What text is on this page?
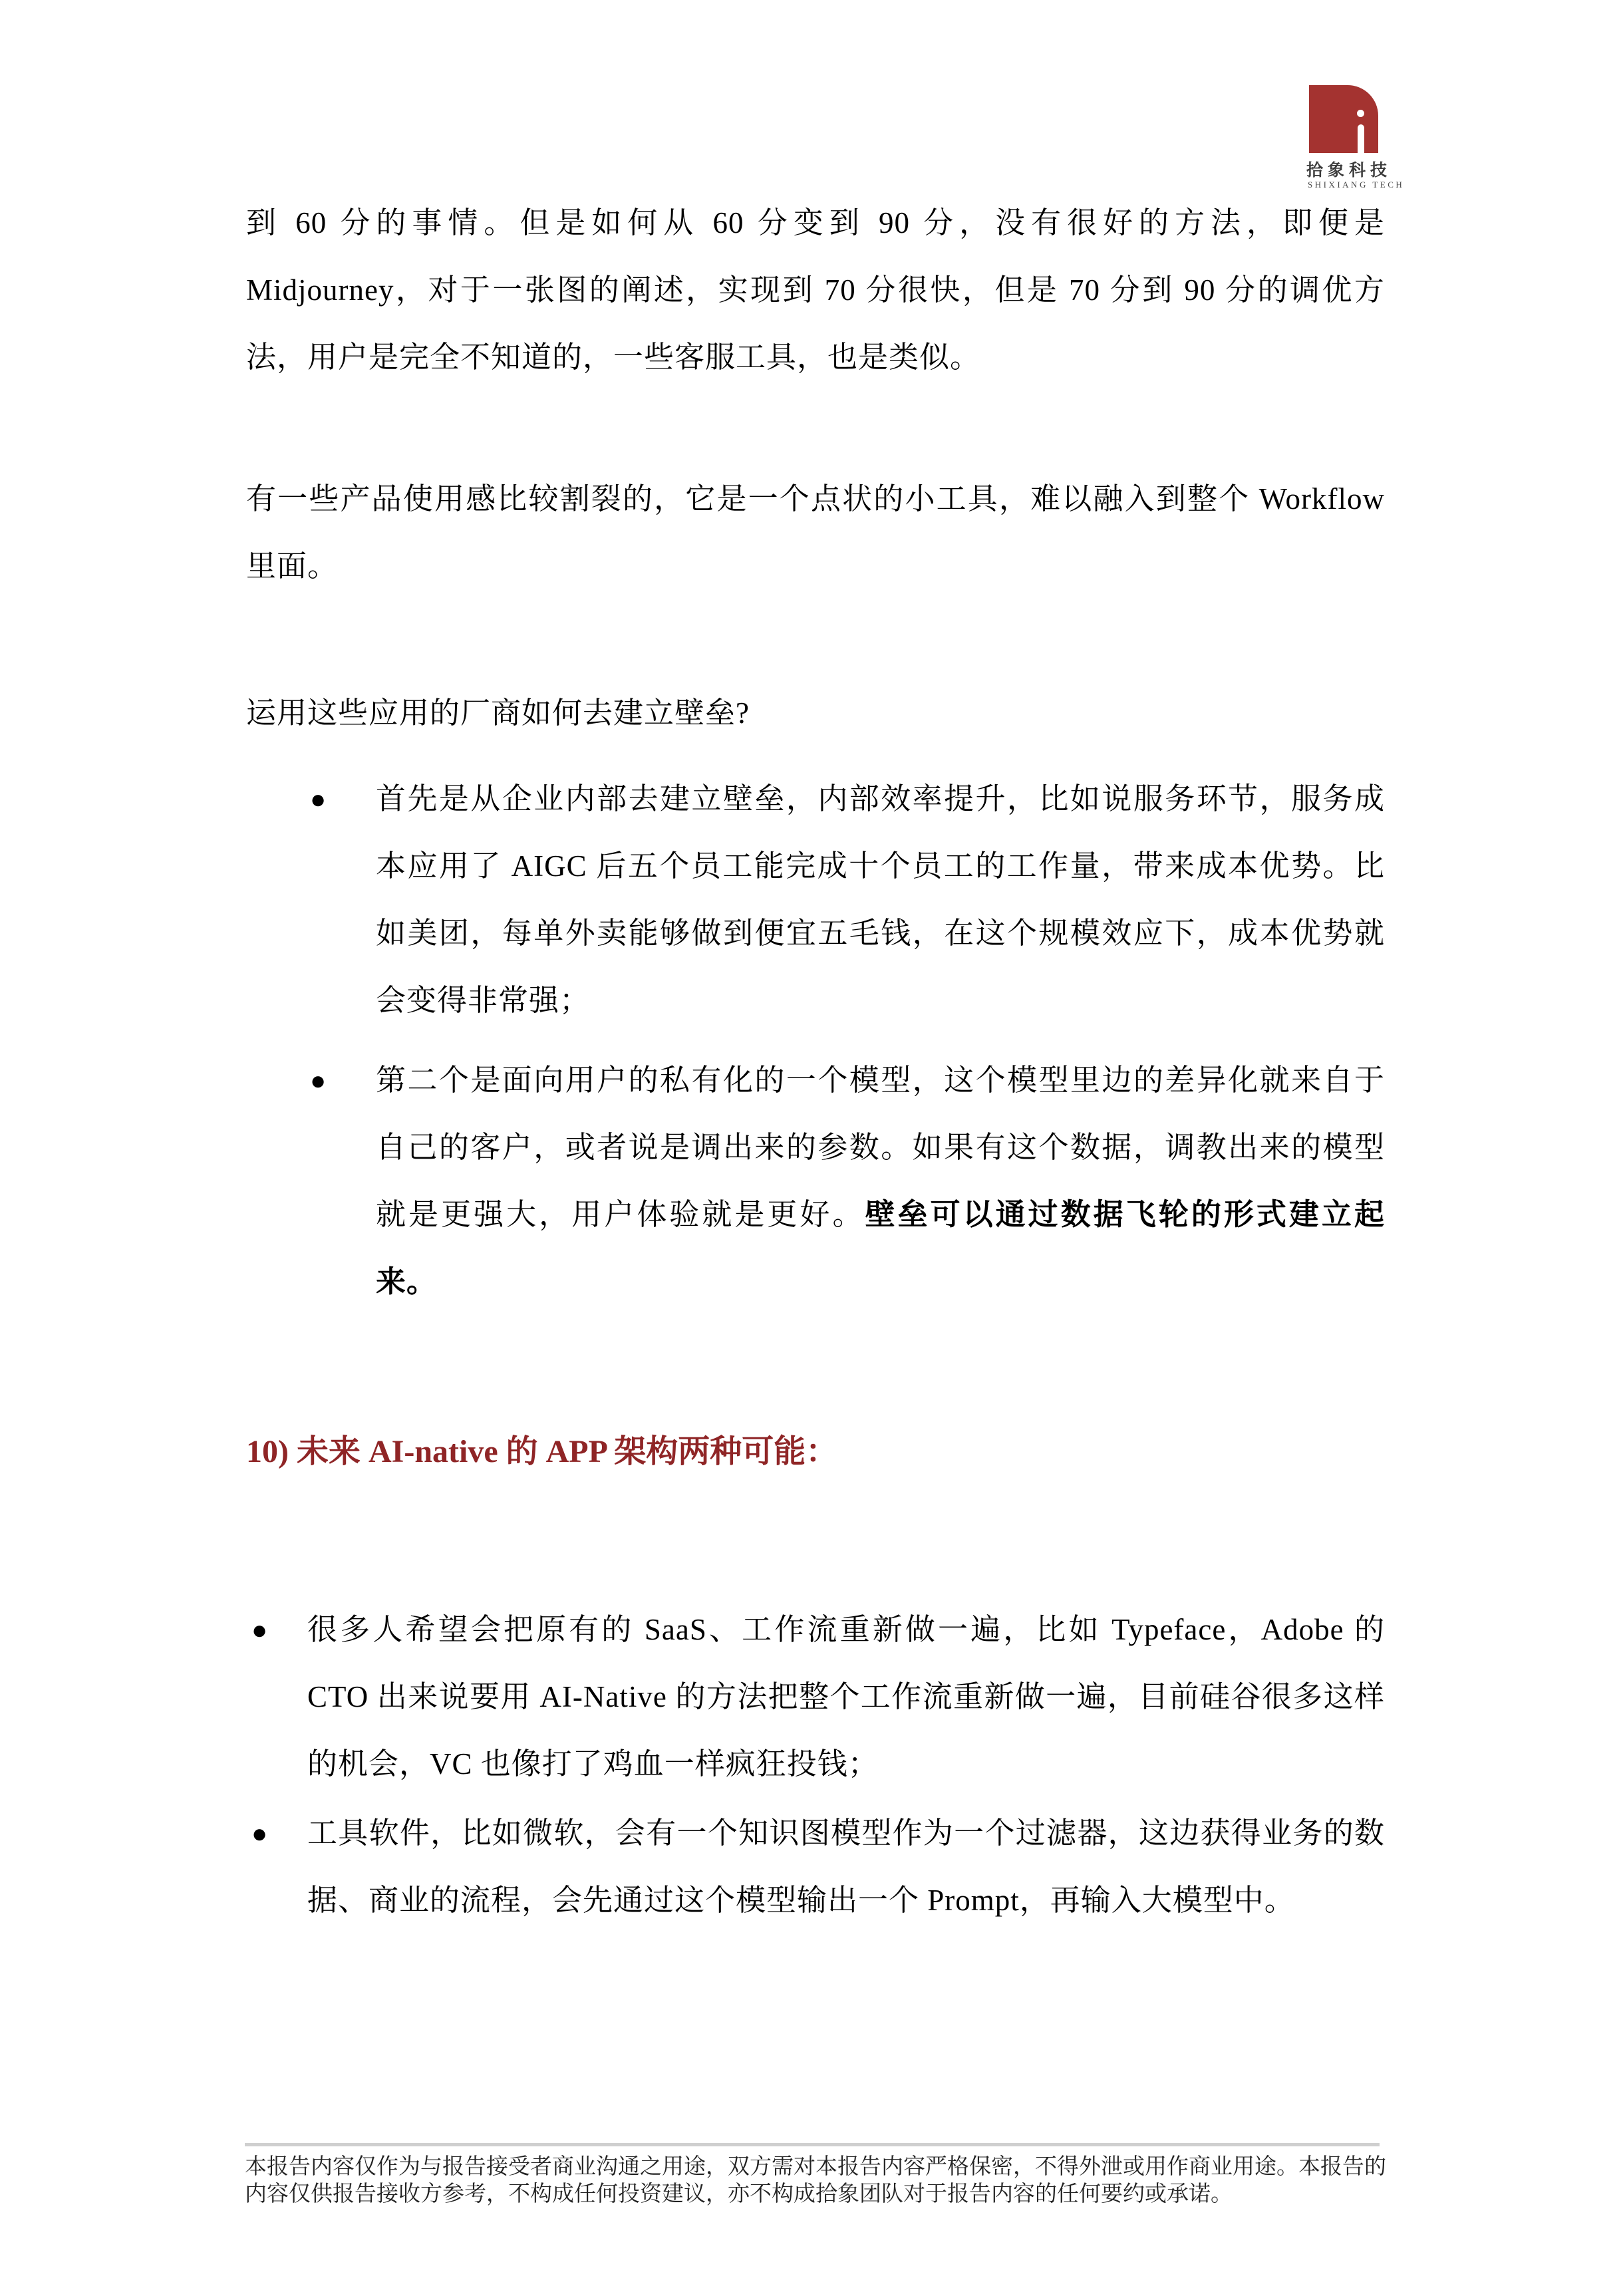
拾象科技
SHIXIANG TECH

到 60 分的事情。但是如何从 60 分变到 90 分，没有很好的方法，即便是 Midjourney，对于一张图的阐述，实现到 70 分很快，但是 70 分到 90 分的调优方法，用户是完全不知道的，一些客服工具，也是类似。

有一些产品使用感比较割裂的，它是一个点状的小工具，难以融入到整个 Workflow 里面。

运用这些应用的厂商如何去建立壁垒?

●	首先是从企业内部去建立壁垒，内部效率提升，比如说服务环节，服务成本应用了 AIGC 后五个员工能完成十个员工的工作量，带来成本优势。比如美团，每单外卖能够做到便宜五毛钱，在这个规模效应下，成本优势就会变得非常强；
●	第二个是面向用户的私有化的一个模型，这个模型里边的差异化就来自于自己的客户，或者说是调出来的参数。如果有这个数据，调教出来的模型就是更强大，用户体验就是更好。壁垒可以通过数据飞轮的形式建立起来。
10) 未来 AI-native 的 APP 架构两种可能：
●	很多人希望会把原有的 SaaS、工作流重新做一遍，比如 Typeface，Adobe 的 CTO 出来说要用 AI-Native 的方法把整个工作流重新做一遍，目前硅谷很多这样的机会，VC 也像打了鸡血一样疯狂投钱；
●	工具软件，比如微软，会有一个知识图模型作为一个过滤器，这边获得业务的数据、商业的流程，会先通过这个模型输出一个 Prompt，再输入大模型中。

本报告内容仅作为与报告接受者商业沟通之用途，双方需对本报告内容严格保密，不得外泄或用作商业用途。本报告的内容仅供报告接收方参考，不构成任何投资建议，亦不构成拾象团队对于报告内容的任何要约或承诺。
